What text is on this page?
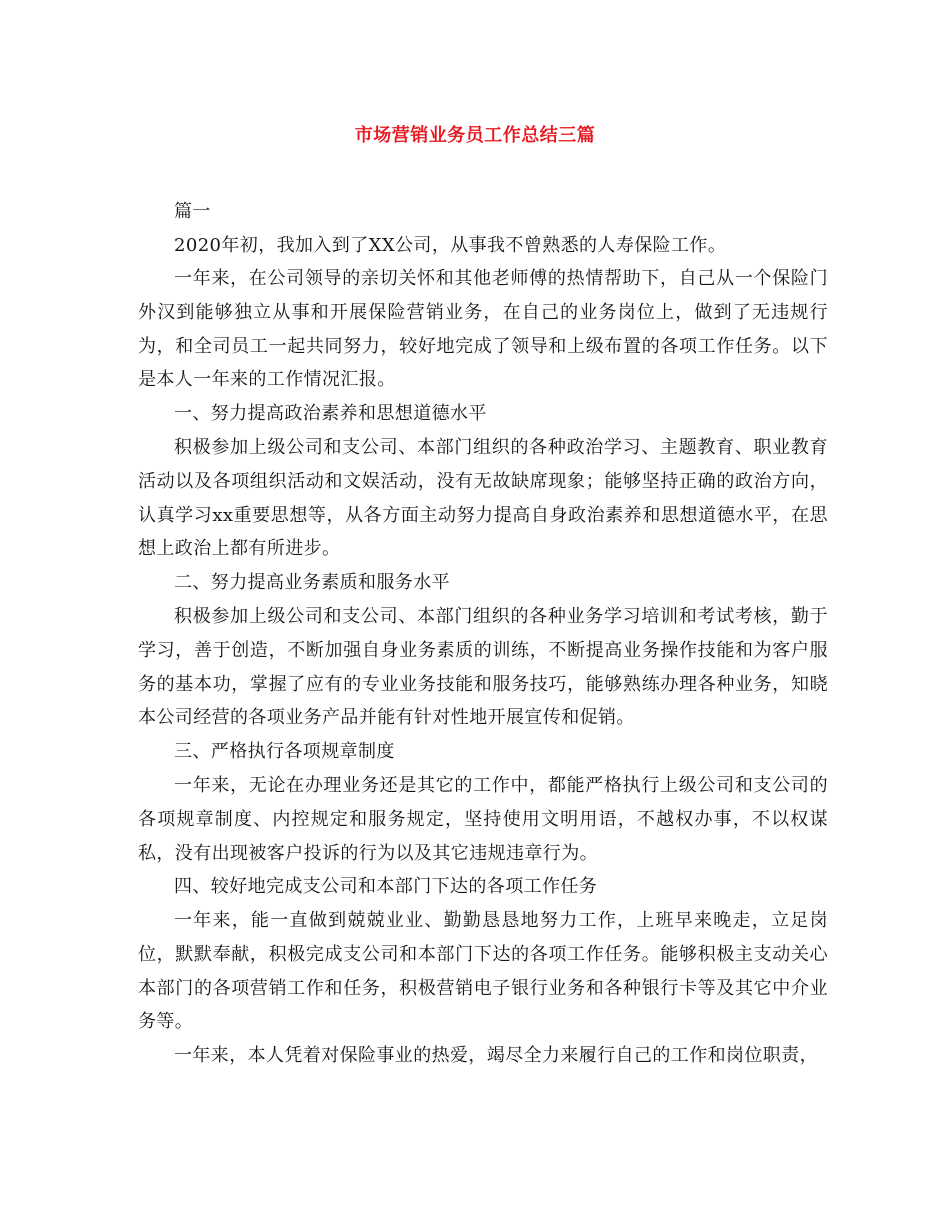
市场营销业务员工作总结三篇
篇一
2020年初，我加入到了XX公司，从事我不曾熟悉的人寿保险工作。
一年来，在公司领导的亲切关怀和其他老师傅的热情帮助下，自己从一个保险门外汉到能够独立从事和开展保险营销业务，在自己的业务岗位上，做到了无违规行为，和全司员工一起共同努力，较好地完成了领导和上级布置的各项工作任务。以下是本人一年来的工作情况汇报。
一、努力提高政治素养和思想道德水平
积极参加上级公司和支公司、本部门组织的各种政治学习、主题教育、职业教育活动以及各项组织活动和文娱活动，没有无故缺席现象；能够坚持正确的政治方向，认真学习xx重要思想等，从各方面主动努力提高自身政治素养和思想道德水平，在思想上政治上都有所进步。
二、努力提高业务素质和服务水平
积极参加上级公司和支公司、本部门组织的各种业务学习培训和考试考核，勤于学习，善于创造，不断加强自身业务素质的训练，不断提高业务操作技能和为客户服务的基本功，掌握了应有的专业业务技能和服务技巧，能够熟练办理各种业务，知晓本公司经营的各项业务产品并能有针对性地开展宣传和促销。
三、严格执行各项规章制度
一年来，无论在办理业务还是其它的工作中，都能严格执行上级公司和支公司的各项规章制度、内控规定和服务规定，坚持使用文明用语，不越权办事，不以权谋私，没有出现被客户投诉的行为以及其它违规违章行为。
四、较好地完成支公司和本部门下达的各项工作任务
一年来，能一直做到兢兢业业、勤勤恳恳地努力工作，上班早来晚走，立足岗位，默默奉献，积极完成支公司和本部门下达的各项工作任务。能够积极主支动关心本部门的各项营销工作和任务，积极营销电子银行业务和各种银行卡等及其它中介业务等。
一年来，本人凭着对保险事业的热爱，竭尽全力来履行自己的工作和岗位职责，
